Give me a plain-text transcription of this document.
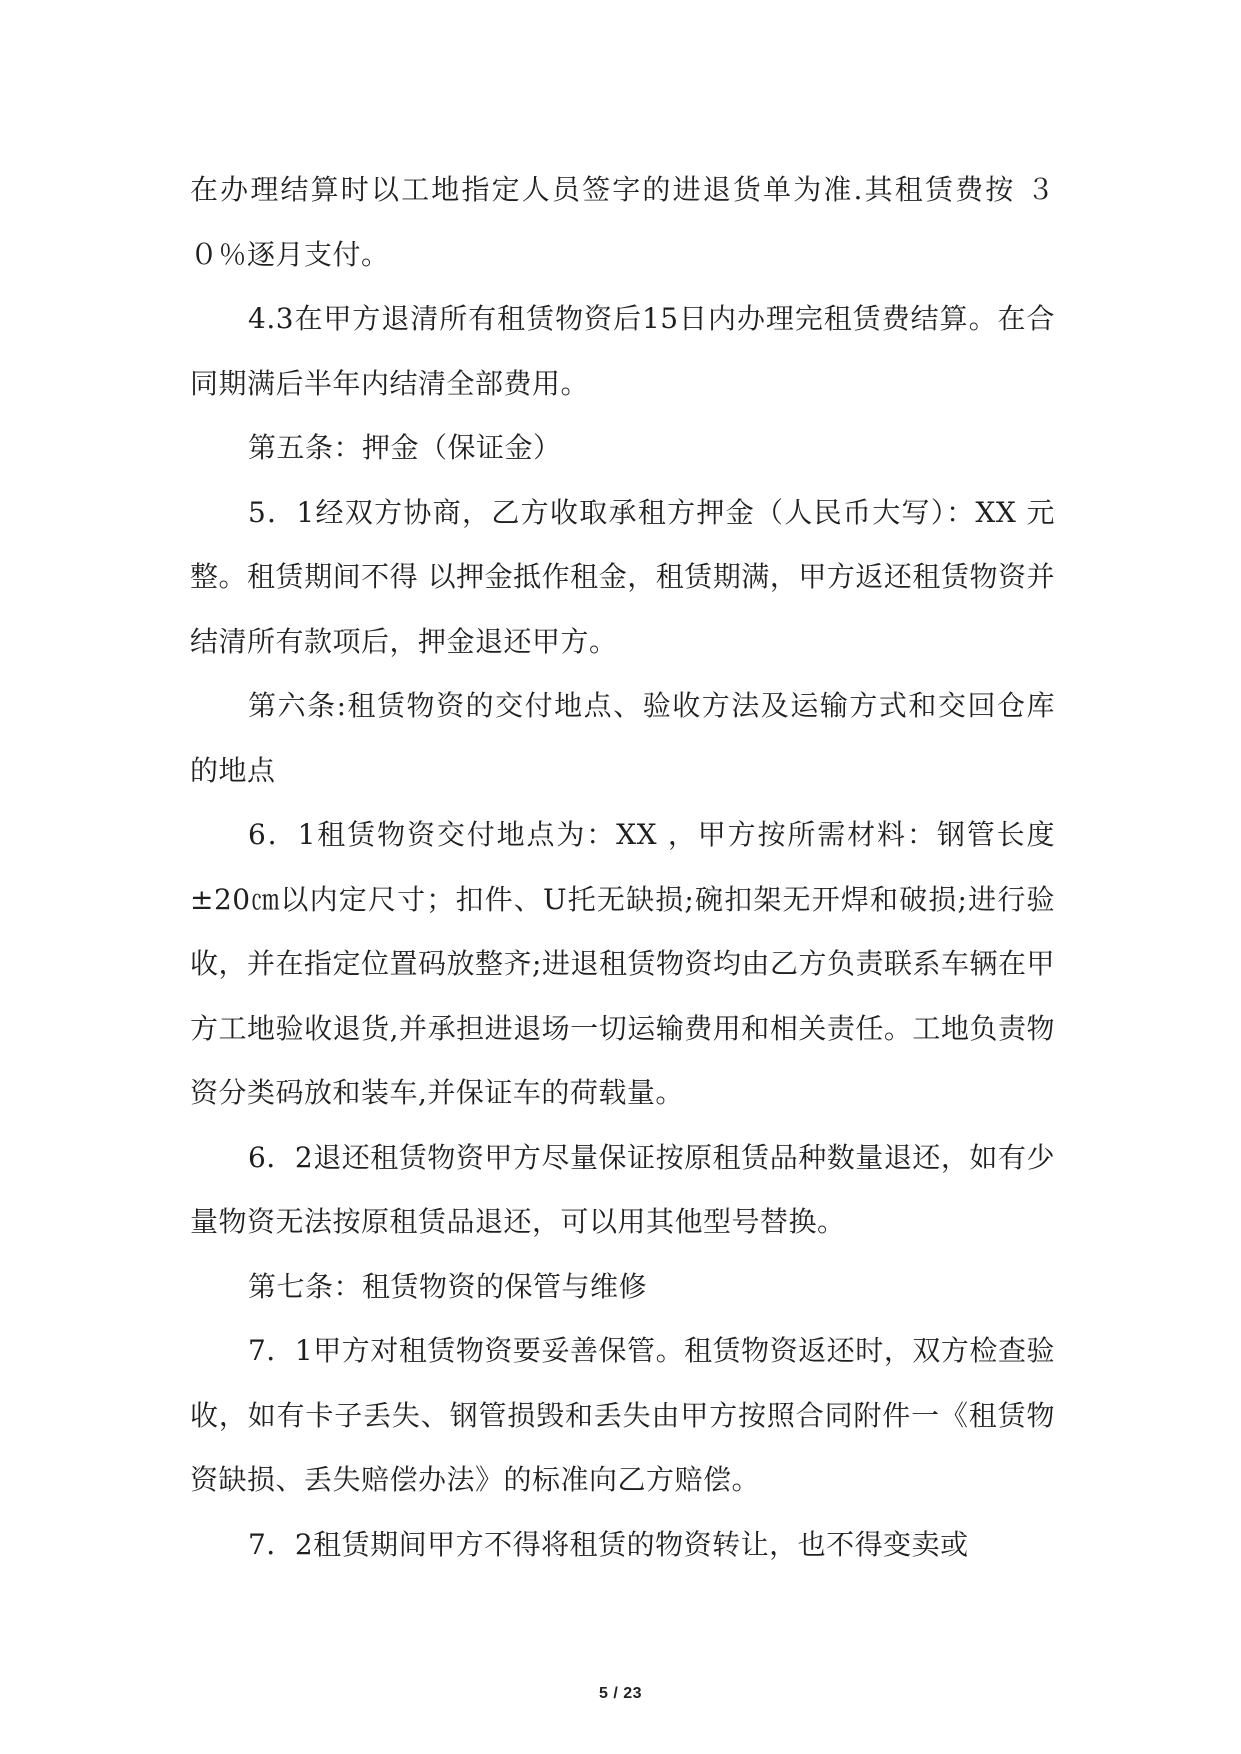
在办理结算时以工地指定人员签字的进退货单为准.其租赁费按 ３０％逐月支付。

4.3在甲方退清所有租赁物资后15日内办理完租赁费结算。在合同期满后半年内结清全部费用。

第五条：押金（保证金）

5．1经双方协商，乙方收取承租方押金（人民币大写）：XX 元整。租赁期间不得 以押金抵作租金，租赁期满，甲方返还租赁物资并结清所有款项后，押金退还甲方。

第六条:租赁物资的交付地点、验收方法及运输方式和交回仓库的地点

6．1租赁物资交付地点为：XX ，甲方按所需材料：钢管长度±20㎝以内定尺寸；扣件、U托无缺损;碗扣架无开焊和破损;进行验收，并在指定位置码放整齐;进退租赁物资均由乙方负责联系车辆在甲方工地验收退货,并承担进退场一切运输费用和相关责任。工地负责物资分类码放和装车,并保证车的荷载量。

6．2退还租赁物资甲方尽量保证按原租赁品种数量退还，如有少量物资无法按原租赁品退还，可以用其他型号替换。

第七条：租赁物资的保管与维修

7．1甲方对租赁物资要妥善保管。租赁物资返还时，双方检查验收，如有卡子丢失、钢管损毁和丢失由甲方按照合同附件一《租赁物资缺损、丢失赔偿办法》的标准向乙方赔偿。

7．2租赁期间甲方不得将租赁的物资转让，也不得变卖或

5 / 23
